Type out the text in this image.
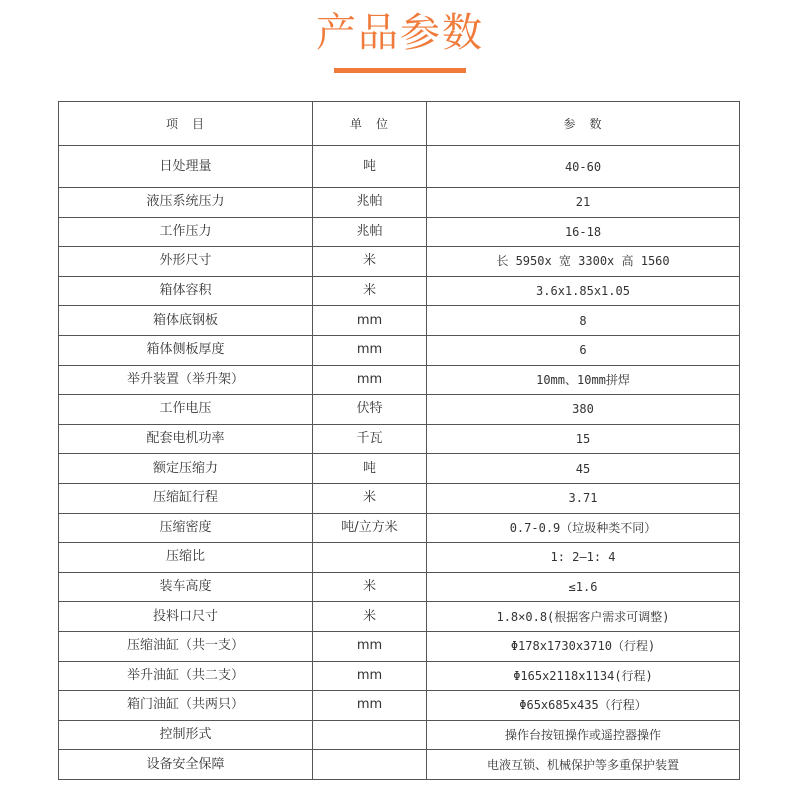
产品参数
项　目	单　位	参　数
日处理量	吨	40-60
液压系统压力	兆帕	21
工作压力	兆帕	16-18
外形尺寸	米	长 5950x 宽 3300x 高 1560
箱体容积	米	3.6x1.85x1.05
箱体底钢板	mm	8
箱体侧板厚度	mm	6
举升装置（举升架）	mm	10mm、10mm拼焊
工作电压	伏特	380
配套电机功率	千瓦	15
额定压缩力	吨	45
压缩缸行程	米	3.71
压缩密度	吨/立方米	0.7-0.9（垃圾种类不同）
压缩比		1: 2—1: 4
装车高度	米	≤1.6
投料口尺寸	米	1.8×0.8(根据客户需求可调整)
压缩油缸（共一支）	mm	Φ178x1730x3710（行程)
举升油缸（共二支）	mm	Φ165x2118x1134(行程)
箱门油缸（共两只）	mm	Φ65x685x435（行程）
控制形式		操作台按钮操作或遥控器操作
设备安全保障		电液互锁、机械保护等多重保护装置
